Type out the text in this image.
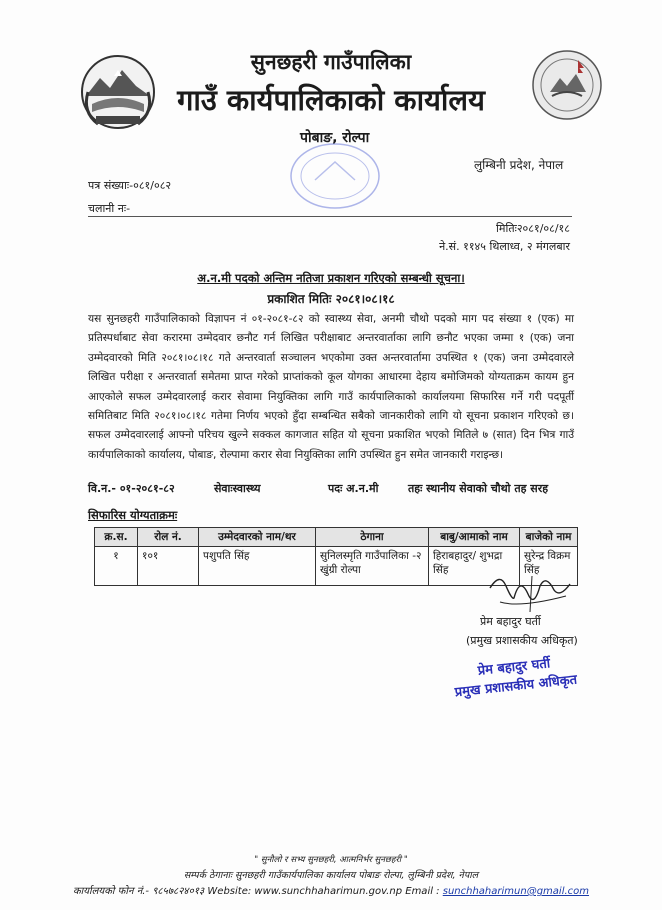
सुनछहरी गाउँपालिका
गाउँ कार्यपालिकाको कार्यालय
पोबाङ, रोल्पा
लुम्बिनी प्रदेश, नेपाल
पत्र संख्याः-०८१/०८२
चलानी नः-
मितिः२०८१/०८/१८
ने.सं. ११४५ थिलाध्व, २ मंगलबार
अ.न.मी पदको अन्तिम नतिजा प्रकाशन गरिएको सम्बन्धी सूचना।
प्रकाशित मितिः २०८१।०८।१८
यस सुनछहरी गाउँपालिकाको विज्ञापन नं ०१-२०८१-८२ को स्वास्थ्य सेवा, अनमी चौथो पदको माग पद संख्या १ (एक) मा प्रतिस्पर्धाबाट सेवा करारमा उम्मेदवार छनौट गर्न लिखित परीक्षाबाट अन्तरवार्ताका लागि छनौट भएका जम्मा १ (एक) जना उम्मेदवारको मिति २०८१।०८।१८ गते अन्तरवार्ता सञ्चालन भएकोमा उक्त अन्तरवार्तामा उपस्थित १ (एक) जना उम्मेदवारले लिखित परीक्षा र अन्तरवार्ता समेतमा प्राप्त गरेको प्राप्तांकको कूल योगका आधारमा देहाय बमोजिमको योग्यताक्रम कायम हुन आएकोले सफल उम्मेदवारलाई करार सेवामा नियुक्तिका लागि गाउँ कार्यपालिकाको कार्यालयमा सिफारिस गर्ने गरी पदपूर्ती समितिबाट मिति २०८१।०८।१८ गतेमा निर्णय भएको हुँदा सम्बन्धित सबैको जानकारीको लागि यो सूचना प्रकाशन गरिएको छ। सफल उम्मेदवारलाई आफ्नो परिचय खुल्ने सक्कल कागजात सहित यो सूचना प्रकाशित भएको मितिले ७ (सात) दिन भित्र गाउँ कार्यपालिकाको कार्यालय, पोबाङ, रोल्पामा करार सेवा नियुक्तिका लागि उपस्थित हुन समेत जानकारी गराइन्छ।
वि.न.- ०१-२०८१-८२	सेवाःस्वास्थ्य	पदः अ.न.मी	तहः स्थानीय सेवाको चौथो तह सरह
सिफारिस योग्यताक्रमः
क्र.स.	रोल नं.	उम्मेदवारको नाम/थर	ठेगाना	बाबु/आमाको नाम	बाजेको नाम
१	१०१	पशुपति सिंह	सुनिलस्मृति गाउँपालिका -२ खुंग्री रोल्पा	हिराबहादुर/ शुभद्रा सिंह	सुरेन्द्र विक्रम सिंह
प्रेम बहादुर घर्ती
(प्रमुख प्रशासकीय अधिकृत)
प्रेम बहादुर घर्ती
प्रमुख प्रशासकीय अधिकृत
" सुनौलो र सभ्य सुनछहरी, आत्मनिर्भर सुनछहरी "
सम्पर्क ठेगानाः सुनछहरी गाउँकार्यपालिका कार्यालय पोबाङ रोल्पा, लुम्बिनी प्रदेश, नेपाल
कार्यालयको फोन नं.- ९८५७८२४०१३ Website: www.sunchhaharimun.gov.np Email : sunchhaharimun@gmail.com
